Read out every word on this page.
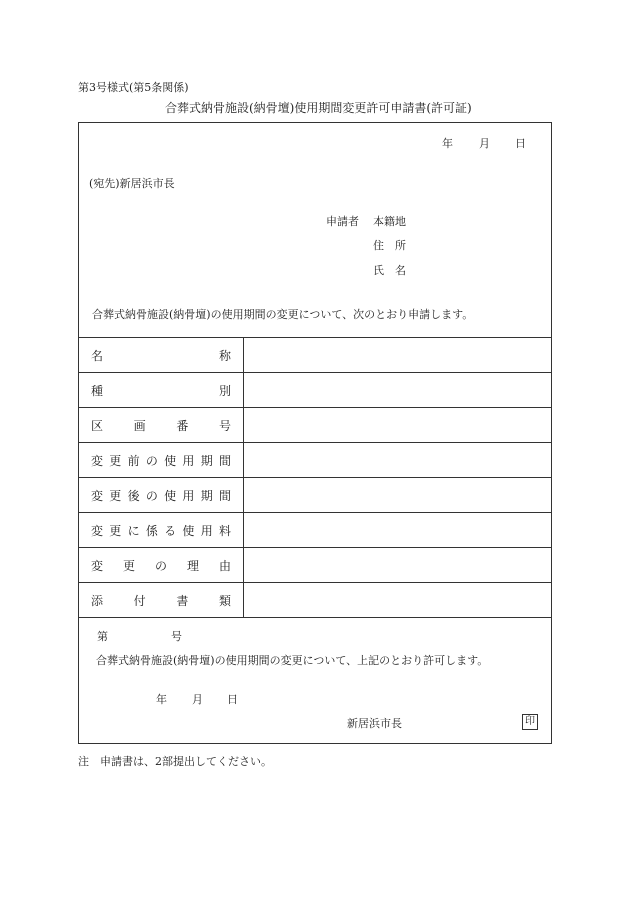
第3号様式(第5条関係)
合葬式納骨施設(納骨壇)使用期間変更許可申請書(許可証)
年 月 日
(宛先)新居浜市長
申請者 本籍地
住　所
氏　名
合葬式納骨施設(納骨壇)の使用期間の変更について、次のとおり申請します。
名称
種別
区画番号
変更前の使用期間
変更後の使用期間
変更に係る使用料
変更の理由
添付書類
第	号
合葬式納骨施設(納骨壇)の使用期間の変更について、上記のとおり許可します。
年 月 日
新居浜市長	印
注　申請書は、2部提出してください。
